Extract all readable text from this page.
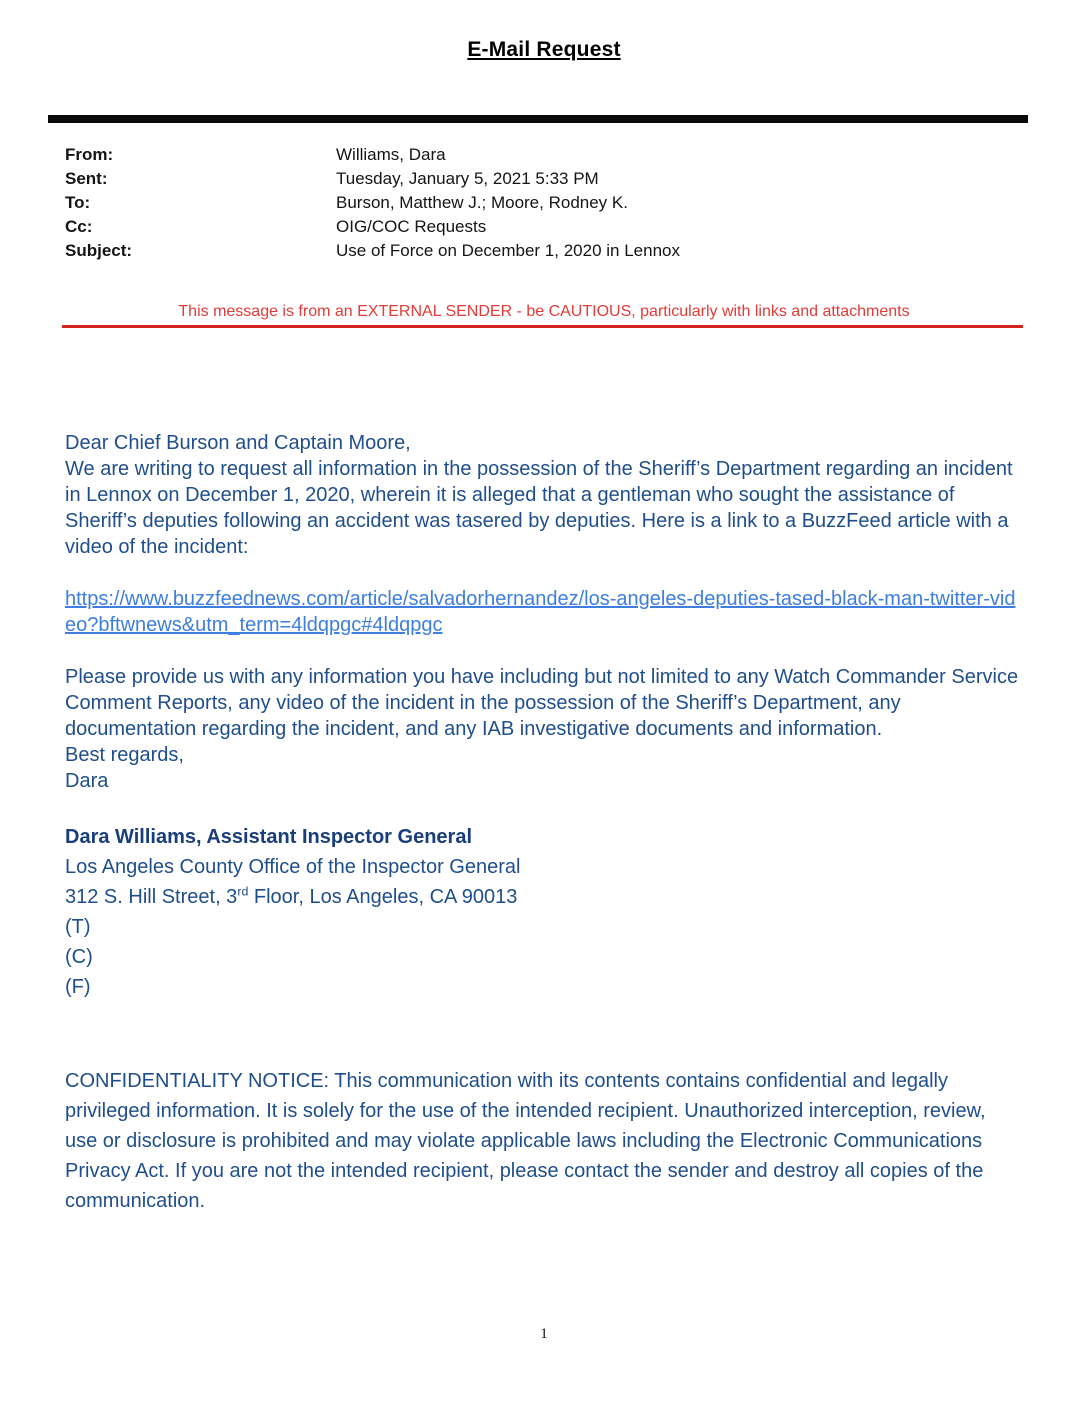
E-Mail Request
From:	Williams, Dara
Sent:	Tuesday, January 5, 2021 5:33 PM
To:	Burson, Matthew J.; Moore, Rodney K.
Cc:	OIG/COC Requests
Subject:	Use of Force on December 1, 2020 in Lennox
This message is from an EXTERNAL SENDER - be CAUTIOUS, particularly with links and attachments
Dear Chief Burson and Captain Moore,
We are writing to request all information in the possession of the Sheriff’s Department regarding an incident in Lennox on December 1, 2020, wherein it is alleged that a gentleman who sought the assistance of Sheriff’s deputies following an accident was tasered by deputies. Here is a link to a BuzzFeed article with a video of the incident:
https://www.buzzfeednews.com/article/salvadorhernandez/los-angeles-deputies-tased-black-man-twitter-video?bftwnews&utm_term=4ldqpgc#4ldqpgc
Please provide us with any information you have including but not limited to any Watch Commander Service Comment Reports, any video of the incident in the possession of the Sheriff’s Department, any documentation regarding the incident, and any IAB investigative documents and information.
Best regards,
Dara
Dara Williams, Assistant Inspector General
Los Angeles County Office of the Inspector General
312 S. Hill Street, 3rd Floor, Los Angeles, CA 90013
(T)
(C)
(F)
CONFIDENTIALITY NOTICE: This communication with its contents contains confidential and legally privileged information. It is solely for the use of the intended recipient. Unauthorized interception, review, use or disclosure is prohibited and may violate applicable laws including the Electronic Communications Privacy Act. If you are not the intended recipient, please contact the sender and destroy all copies of the communication.
1
